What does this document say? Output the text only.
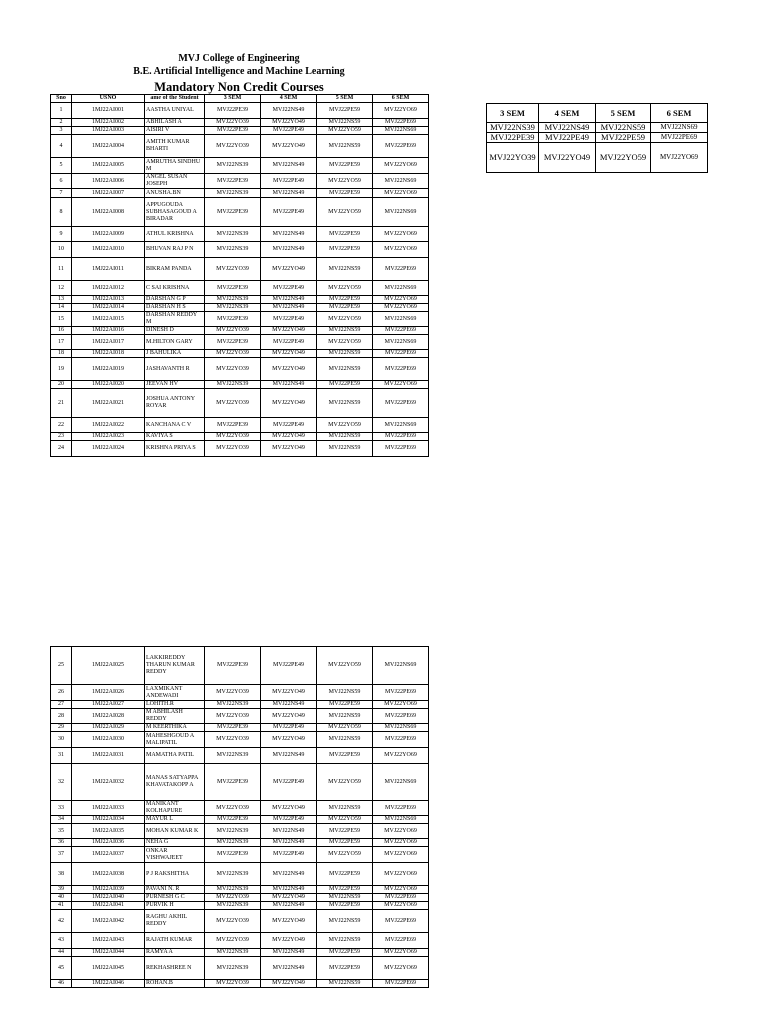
MVJ College of Engineering
B.E. Artificial Intelligence and Machine Learning
Mandatory Non Credit Courses
Sno	USNO	ame of the Student	3 SEM	4 SEM	5 SEM	6 SEM
1	1MJ22AI001	AASTHA UNIYAL	MVJ22PE39	MVJ22NS49	MVJ22PE59	MVJ22YO69
2	1MJ22AI002	ABHILASH A	MVJ22YO39	MVJ22YO49	MVJ22NS59	MVJ22PE69
3	1MJ22AI003	AISIRI V	MVJ22PE39	MVJ22PE49	MVJ22YO59	MVJ22NS69
4	1MJ22AI004	AMITH KUMAR BHARTI	MVJ22YO39	MVJ22YO49	MVJ22NS59	MVJ22PE69
5	1MJ22AI005	AMRUTHA SINDHU M	MVJ22NS39	MVJ22NS49	MVJ22PE59	MVJ22YO69
6	1MJ22AI006	ANGEL SUSAN JOSEPH	MVJ22PE39	MVJ22PE49	MVJ22YO59	MVJ22NS69
7	1MJ22AI007	ANUSHA.BN	MVJ22NS39	MVJ22NS49	MVJ22PE59	MVJ22YO69
8	1MJ22AI008	APPUGOUDA SUBHASAGOUD A BIRADAR	MVJ22PE39	MVJ22PE49	MVJ22YO59	MVJ22NS69
9	1MJ22AI009	ATHUL KRISHNA	MVJ22NS39	MVJ22NS49	MVJ22PE59	MVJ22YO69
10	1MJ22AI010	BHUVAN RAJ P N	MVJ22NS39	MVJ22NS49	MVJ22PE59	MVJ22YO69
11	1MJ22AI011	BIKRAM PANDA	MVJ22YO39	MVJ22YO49	MVJ22NS59	MVJ22PE69
12	1MJ22AI012	C SAI KRISHNA	MVJ22PE39	MVJ22PE49	MVJ22YO59	MVJ22NS69
13	1MJ22AI013	DARSHAN G P	MVJ22NS39	MVJ22NS49	MVJ22PE59	MVJ22YO69
14	1MJ22AI014	DARSHAN H S	MVJ22NS39	MVJ22NS49	MVJ22PE59	MVJ22YO69
15	1MJ22AI015	DARSHAN REDDY M	MVJ22PE39	MVJ22PE49	MVJ22YO59	MVJ22NS69
16	1MJ22AI016	DINESH D	MVJ22YO39	MVJ22YO49	MVJ22NS59	MVJ22PE69
17	1MJ22AI017	M.HILTON GARY	MVJ22PE39	MVJ22PE49	MVJ22YO59	MVJ22NS69
18	1MJ22AI018	J BAHULIKA	MVJ22YO39	MVJ22YO49	MVJ22NS59	MVJ22PE69
19	1MJ22AI019	JASHAVANTH R	MVJ22YO39	MVJ22YO49	MVJ22NS59	MVJ22PE69
20	1MJ22AI020	JEEVAN HV	MVJ22NS39	MVJ22NS49	MVJ22PE59	MVJ22YO69
21	1MJ22AI021	JOSHUA ANTONY ROYAR	MVJ22YO39	MVJ22YO49	MVJ22NS59	MVJ22PE69
22	1MJ22AI022	KANCHANA C V	MVJ22PE39	MVJ22PE49	MVJ22YO59	MVJ22NS69
23	1MJ22AI023	KAVIYA S	MVJ22YO39	MVJ22YO49	MVJ22NS59	MVJ22PE69
24	1MJ22AI024	KRISHNA PRIYA S	MVJ22YO39	MVJ22YO49	MVJ22NS59	MVJ22PE69
25	1MJ22AI025	LAKKIREDDY THARUN KUMAR REDDY	MVJ22PE39	MVJ22PE49	MVJ22YO59	MVJ22NS69
26	1MJ22AI026	LAXMIKANT ANDEWADI	MVJ22YO39	MVJ22YO49	MVJ22NS59	MVJ22PE69
27	1MJ22AI027	LOHITH.R	MVJ22NS39	MVJ22NS49	MVJ22PE59	MVJ22YO69
28	1MJ22AI028	M ABHILASH REDDY	MVJ22YO39	MVJ22YO49	MVJ22NS59	MVJ22PE69
29	1MJ22AI029	M KEERTHIKA	MVJ22PE39	MVJ22PE49	MVJ22YO59	MVJ22NS69
30	1MJ22AI030	MAHESHGOUD A MALIPATIL	MVJ22YO39	MVJ22YO49	MVJ22NS59	MVJ22PE69
31	1MJ22AI031	MAMATHA PATIL	MVJ22NS39	MVJ22NS49	MVJ22PE59	MVJ22YO69
32	1MJ22AI032	MANAS SATYAPPA KHAVATAKOPP A	MVJ22PE39	MVJ22PE49	MVJ22YO59	MVJ22NS69
33	1MJ22AI033	MANIKANT KOLHAPURE	MVJ22YO39	MVJ22YO49	MVJ22NS59	MVJ22PE69
34	1MJ22AI034	MAYUR L	MVJ22PE39	MVJ22PE49	MVJ22YO59	MVJ22NS69
35	1MJ22AI035	MOHAN KUMAR K	MVJ22NS39	MVJ22NS49	MVJ22PE59	MVJ22YO69
36	1MJ22AI036	NEHA G	MVJ22NS39	MVJ22NS49	MVJ22PE59	MVJ22YO69
37	1MJ22AI037	ONKAR VISHWAJEET	MVJ22PE39	MVJ22PE49	MVJ22YO59	MVJ22YO69
38	1MJ22AI038	P J RAKSHITHA	MVJ22NS39	MVJ22NS49	MVJ22PE59	MVJ22YO69
39	1MJ22AI039	PAVANI N. R	MVJ22NS39	MVJ22NS49	MVJ22PE59	MVJ22YO69
40	1MJ22AI040	PURNESH G C	MVJ22YO39	MVJ22YO49	MVJ22NS59	MVJ22PE69
41	1MJ22AI041	PURVIK H	MVJ22NS39	MVJ22NS49	MVJ22PE59	MVJ22YO69
42	1MJ22AI042	RAGHU AKHIL REDDY	MVJ22YO39	MVJ22YO49	MVJ22NS59	MVJ22PE69
43	1MJ22AI043	RAJATH KUMAR	MVJ22YO39	MVJ22YO49	MVJ22NS59	MVJ22PE69
44	1MJ22AI044	RAMYA A	MVJ22NS39	MVJ22NS49	MVJ22PE59	MVJ22YO69
45	1MJ22AI045	REKHASHREE N	MVJ22NS39	MVJ22NS49	MVJ22PE59	MVJ22YO69
46	1MJ22AI046	ROHAN.B	MVJ22YO39	MVJ22YO49	MVJ22NS59	MVJ22PE69
3 SEM	4 SEM	5 SEM	6 SEM
MVJ22NS39	MVJ22NS49	MVJ22NS59	MVJ22NS69
MVJ22PE39	MVJ22PE49	MVJ22PE59	MVJ22PE69
MVJ22YO39	MVJ22YO49	MVJ22YO59	MVJ22YO69
